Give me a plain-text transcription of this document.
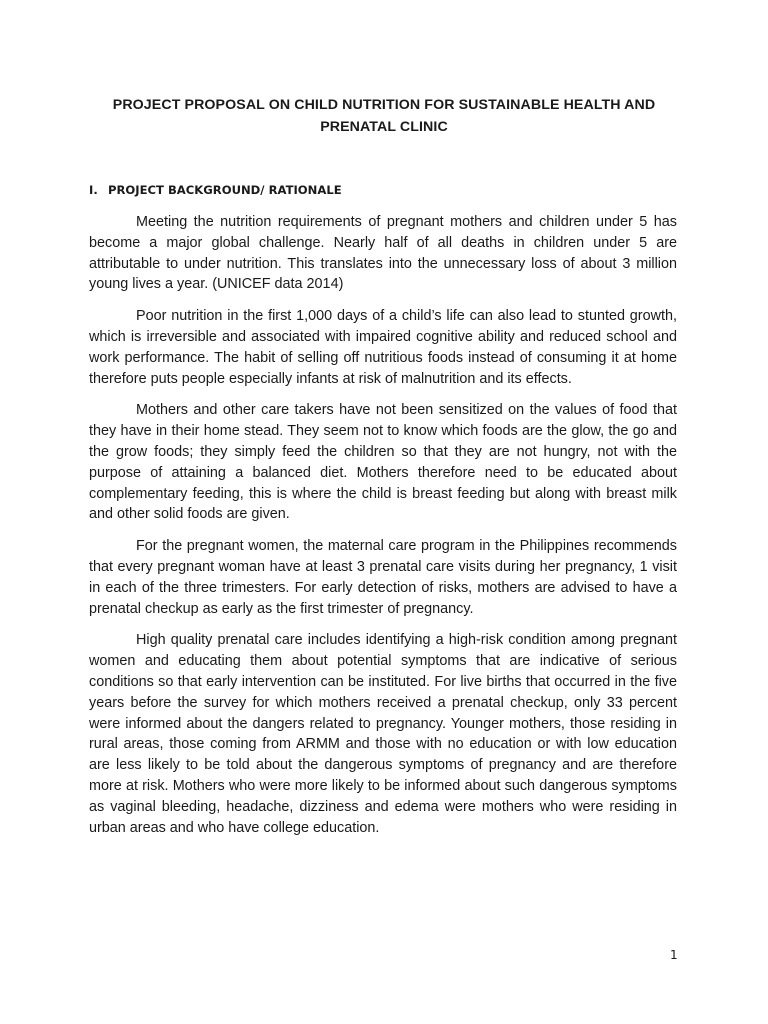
PROJECT PROPOSAL ON CHILD NUTRITION FOR SUSTAINABLE HEALTH AND PRENATAL CLINIC
I. PROJECT BACKGROUND/ RATIONALE

Meeting the nutrition requirements of pregnant mothers and children under 5 has become a major global challenge. Nearly half of all deaths in children under 5 are attributable to under nutrition. This translates into the unnecessary loss of about 3 million young lives a year. (UNICEF data 2014)

Poor nutrition in the first 1,000 days of a child’s life can also lead to stunted growth, which is irreversible and associated with impaired cognitive ability and reduced school and work performance. The habit of selling off nutritious foods instead of consuming it at home therefore puts people especially infants at risk of malnutrition and its effects.

Mothers and other care takers have not been sensitized on the values of food that they have in their home stead. They seem not to know which foods are the glow, the go and the grow foods; they simply feed the children so that they are not hungry, not with the purpose of attaining a balanced diet. Mothers therefore need to be educated about complementary feeding, this is where the child is breast feeding but along with breast milk and other solid foods are given.

For the pregnant women, the maternal care program in the Philippines recommends that every pregnant woman have at least 3 prenatal care visits during her pregnancy, 1 visit in each of the three trimesters. For early detection of risks, mothers are advised to have a prenatal checkup as early as the first trimester of pregnancy.

High quality prenatal care includes identifying a high-risk condition among pregnant women and educating them about potential symptoms that are indicative of serious conditions so that early intervention can be instituted. For live births that occurred in the five years before the survey for which mothers received a prenatal checkup, only 33 percent were informed about the dangers related to pregnancy. Younger mothers, those residing in rural areas, those coming from ARMM and those with no education or with low education are less likely to be told about the dangerous symptoms of pregnancy and are therefore more at risk. Mothers who were more likely to be informed about such dangerous symptoms as vaginal bleeding, headache, dizziness and edema were mothers who were residing in urban areas and who have college education.

1
